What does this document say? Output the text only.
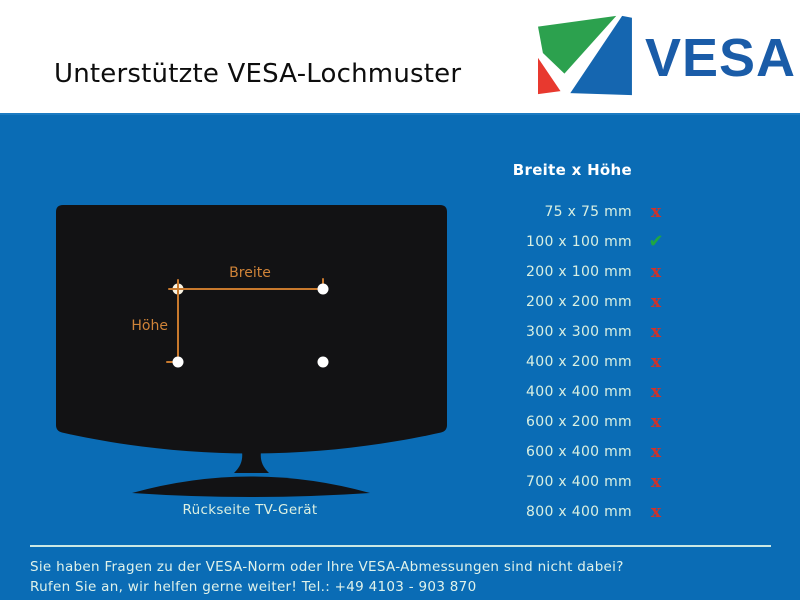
Unterstützte VESA-Lochmuster	VESA
Breite
Höhe
Rückseite TV-Gerät
Breite x Höhe
75 x 75 mm	x
100 x 100 mm ✔
200 x 100 mm	x
200 x 200 mm	x
300 x 300 mm	x
400 x 200 mm	x
400 x 400 mm	x
600 x 200 mm	x
600 x 400 mm	x
700 x 400 mm	x
800 x 400 mm	x
Sie haben Fragen zu der VESA-Norm oder Ihre VESA-Abmessungen sind nicht dabei?
Rufen Sie an, wir helfen gerne weiter! Tel.: +49 4103 - 903 870
